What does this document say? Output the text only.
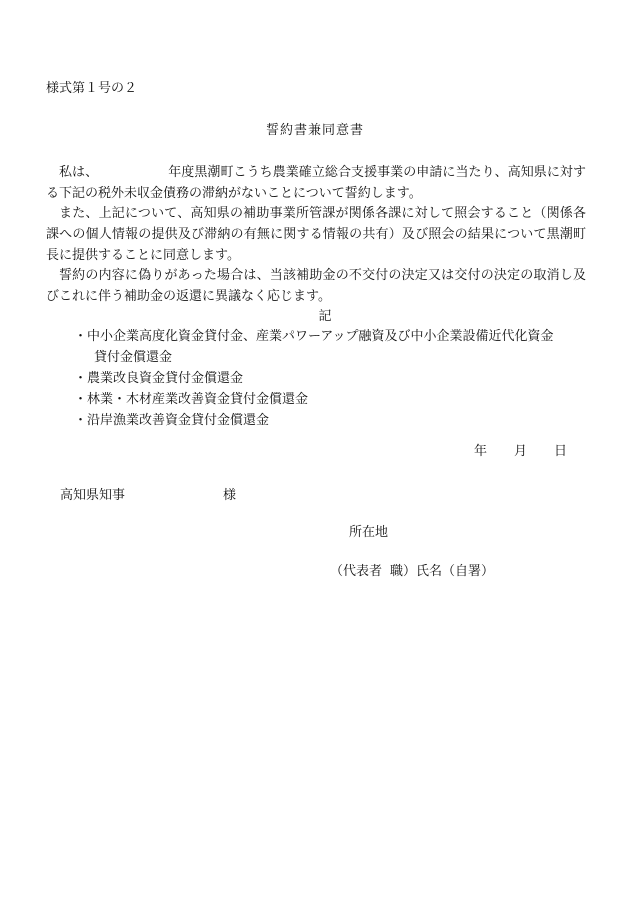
様式第１号の２
誓約書兼同意書

私は、	年度黒潮町こうち農業確立総合支援事業の申請に当たり、高知県に対する下記の税外未収金債務の滞納がないことについて誓約します。

また、上記について、高知県の補助事業所管課が関係各課に対して照会すること（関係各課への個人情報の提供及び滞納の有無に関する情報の共有）及び照会の結果について黒潮町長に提供することに同意します。

誓約の内容に偽りがあった場合は、当該補助金の不交付の決定又は交付の決定の取消し及びこれに伴う補助金の返還に異議なく応じます。

記
・中小企業高度化資金貸付金、産業パワーアップ融資及び中小企業設備近代化資金
貸付金償還金
・農業改良資金貸付金償還金
・林業・木材産業改善資金貸付金償還金
・沿岸漁業改善資金貸付金償還金
年 月 日
高知県知事	様
所在地
（代表者 職）氏名（自署）
